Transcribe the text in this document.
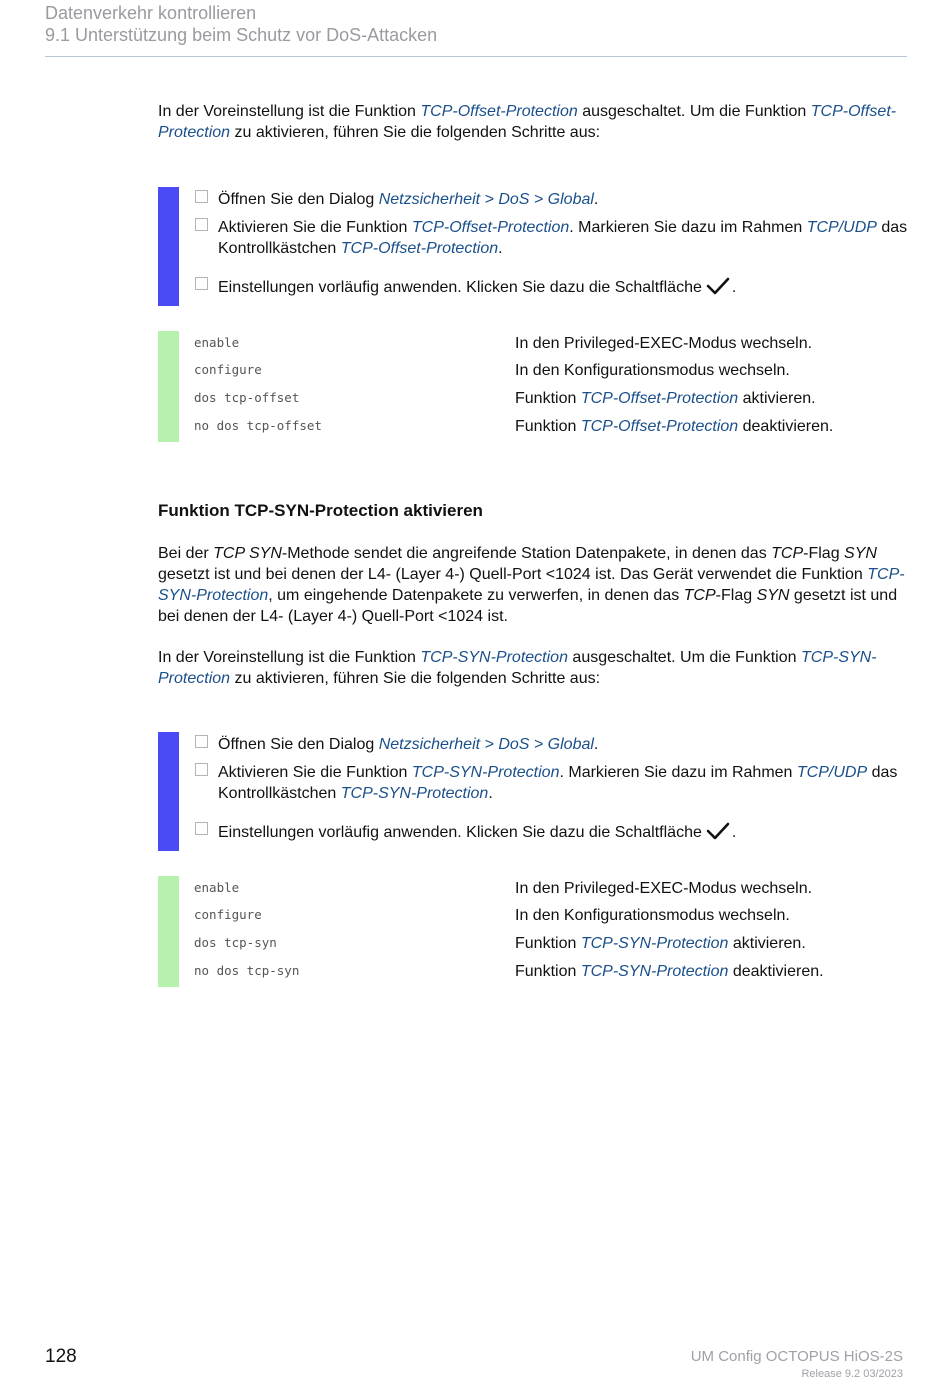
Datenverkehr kontrollieren
9.1 Unterstützung beim Schutz vor DoS-Attacken
In der Voreinstellung ist die Funktion TCP-Offset-Protection ausgeschaltet. Um die Funktion TCP-Offset-Protection zu aktivieren, führen Sie die folgenden Schritte aus:
Öffnen Sie den Dialog Netzsicherheit > DoS > Global.
Aktivieren Sie die Funktion TCP-Offset-Protection. Markieren Sie dazu im Rahmen TCP/UDP das Kontrollkästchen TCP-Offset-Protection.
Einstellungen vorläufig anwenden. Klicken Sie dazu die Schaltfläche .
enable	In den Privileged-EXEC-Modus wechseln.
configure	In den Konfigurationsmodus wechseln.
dos tcp-offset	Funktion TCP-Offset-Protection aktivieren.
no dos tcp-offset	Funktion TCP-Offset-Protection deaktivieren.
Funktion TCP-SYN-Protection aktivieren
Bei der TCP SYN-Methode sendet die angreifende Station Datenpakete, in denen das TCP-Flag SYN gesetzt ist und bei denen der L4- (Layer 4-) Quell-Port <1024 ist. Das Gerät verwendet die Funktion TCP-SYN-Protection, um eingehende Datenpakete zu verwerfen, in denen das TCP-Flag SYN gesetzt ist und bei denen der L4- (Layer 4-) Quell-Port <1024 ist.
In der Voreinstellung ist die Funktion TCP-SYN-Protection ausgeschaltet. Um die Funktion TCP-SYN-Protection zu aktivieren, führen Sie die folgenden Schritte aus:
Öffnen Sie den Dialog Netzsicherheit > DoS > Global.
Aktivieren Sie die Funktion TCP-SYN-Protection. Markieren Sie dazu im Rahmen TCP/UDP das Kontrollkästchen TCP-SYN-Protection.
Einstellungen vorläufig anwenden. Klicken Sie dazu die Schaltfläche .
enable	In den Privileged-EXEC-Modus wechseln.
configure	In den Konfigurationsmodus wechseln.
dos tcp-syn	Funktion TCP-SYN-Protection aktivieren.
no dos tcp-syn	Funktion TCP-SYN-Protection deaktivieren.
128	UM Config OCTOPUS HiOS-2S
Release 9.2 03/2023
